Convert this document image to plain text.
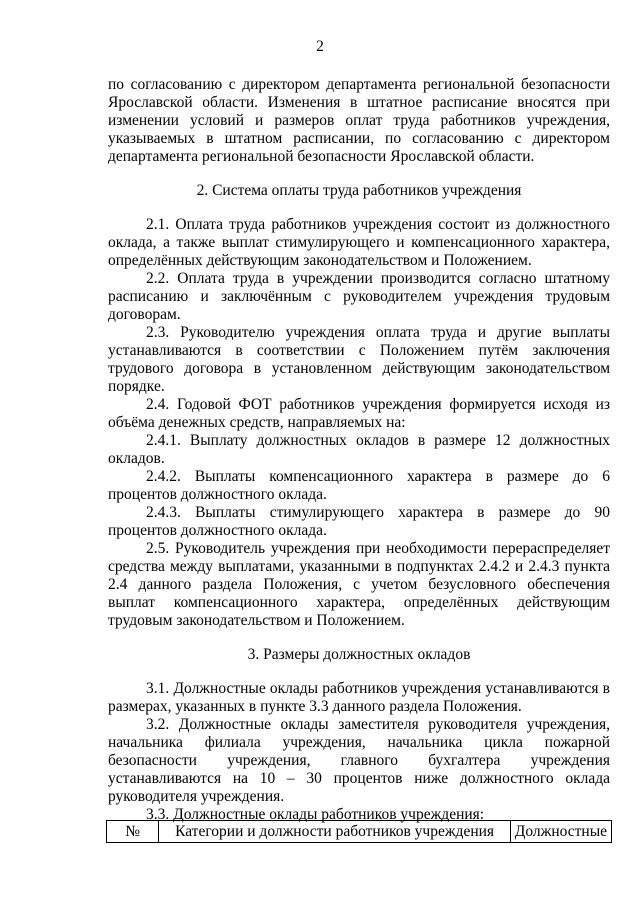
2

по согласованию с директором департамента региональной безопасности Ярославской области. Изменения в штатное расписание вносятся при изменении условий и размеров оплат труда работников учреждения, указываемых в штатном расписании, по согласованию с директором департамента региональной безопасности Ярославской области.

2. Система оплаты труда работников учреждения

2.1. Оплата труда работников учреждения состоит из должностного оклада, а также выплат стимулирующего и компенсационного характера, определённых действующим законодательством и Положением.

2.2. Оплата труда в учреждении производится согласно штатному расписанию и заключённым с руководителем учреждения трудовым договорам.

2.3. Руководителю учреждения оплата труда и другие выплаты устанавливаются в соответствии с Положением путём заключения трудового договора в установленном действующим законодательством порядке.

2.4. Годовой ФОТ работников учреждения формируется исходя из объёма денежных средств, направляемых на:

2.4.1. Выплату должностных окладов в размере 12 должностных окладов.

2.4.2. Выплаты компенсационного характера в размере до 6 процентов должностного оклада.

2.4.3. Выплаты стимулирующего характера в размере до 90 процентов должностного оклада.

2.5. Руководитель учреждения при необходимости перераспределяет средства между выплатами, указанными в подпунктах 2.4.2 и 2.4.3 пункта 2.4 данного раздела Положения, с учетом безусловного обеспечения выплат компенсационного характера, определённых действующим трудовым законодательством и Положением.

3. Размеры должностных окладов

3.1. Должностные оклады работников учреждения устанавливаются в размерах, указанных в пункте 3.3 данного раздела Положения.

3.2. Должностные оклады заместителя руководителя учреждения, начальника филиала учреждения, начальника цикла пожарной безопасности учреждения, главного бухгалтера учреждения устанавливаются на 10 – 30 процентов ниже должностного оклада руководителя учреждения.

3.3. Должностные оклады работников учреждения:

№	Категории и должности работников учреждения	Должностные
